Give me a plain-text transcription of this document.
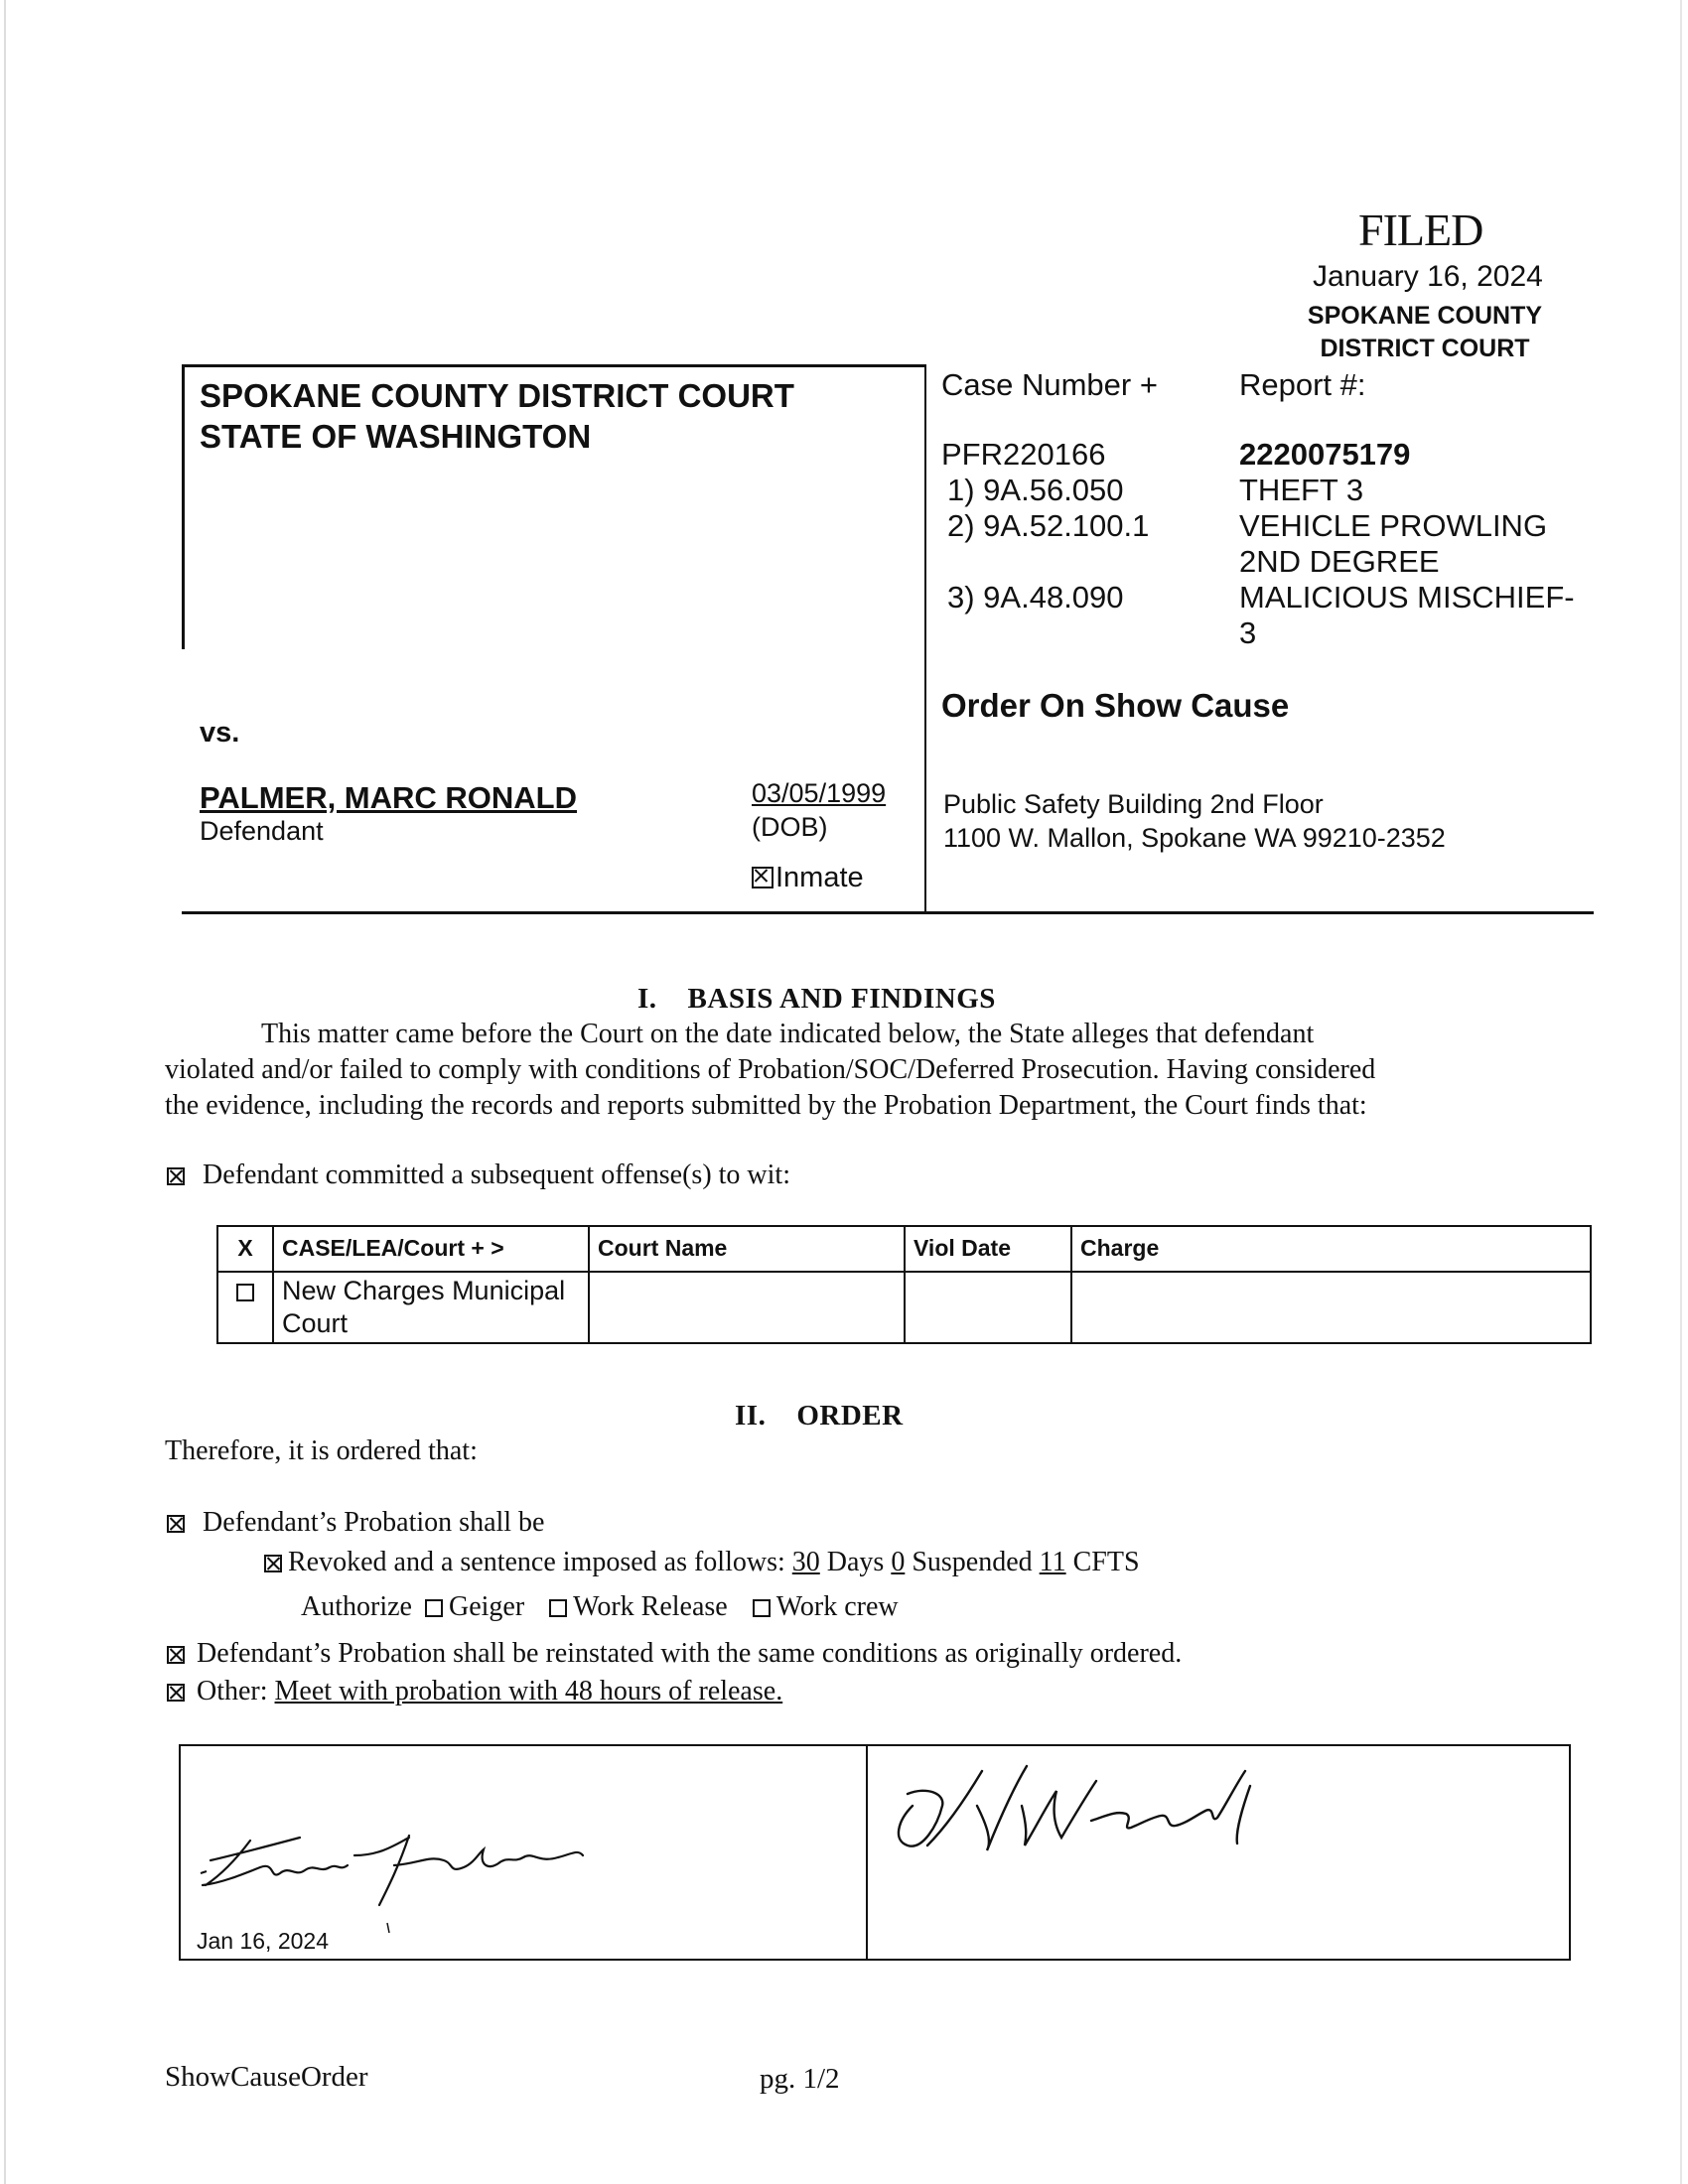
FILED
January 16, 2024
SPOKANE COUNTY
DISTRICT COURT
SPOKANE COUNTY DISTRICT COURT
STATE OF WASHINGTON
Case Number +	Report #:
PFR220166	2220075179
1) 9A.56.050	THEFT 3
2) 9A.52.100.1	VEHICLE PROWLING 2ND DEGREE
3) 9A.48.090	MALICIOUS MISCHIEF-3
Order On Show Cause
Public Safety Building 2nd Floor
1100 W. Mallon, Spokane WA 99210-2352
vs.
PALMER, MARC RONALD
Defendant
03/05/1999
(DOB)
Inmate
I. BASIS AND FINDINGS
This matter came before the Court on the date indicated below, the State alleges that defendant
violated and/or failed to comply with conditions of Probation/SOC/Deferred Prosecution. Having considered
the evidence, including the records and reports submitted by the Probation Department, the Court finds that:
Defendant committed a subsequent offense(s) to wit:
X	CASE/LEA/Court + >	Court Name	Viol Date	Charge
	New Charges Municipal Court			
II. ORDER
Therefore, it is ordered that:
Defendant’s Probation shall be
Revoked and a sentence imposed as follows: 30 Days 0 Suspended 11 CFTS
Authorize Geiger Work Release Work crew
Defendant’s Probation shall be reinstated with the same conditions as originally ordered.
Other: Meet with probation with 48 hours of release.
Jan 16, 2024
ShowCauseOrder	pg. 1/2
